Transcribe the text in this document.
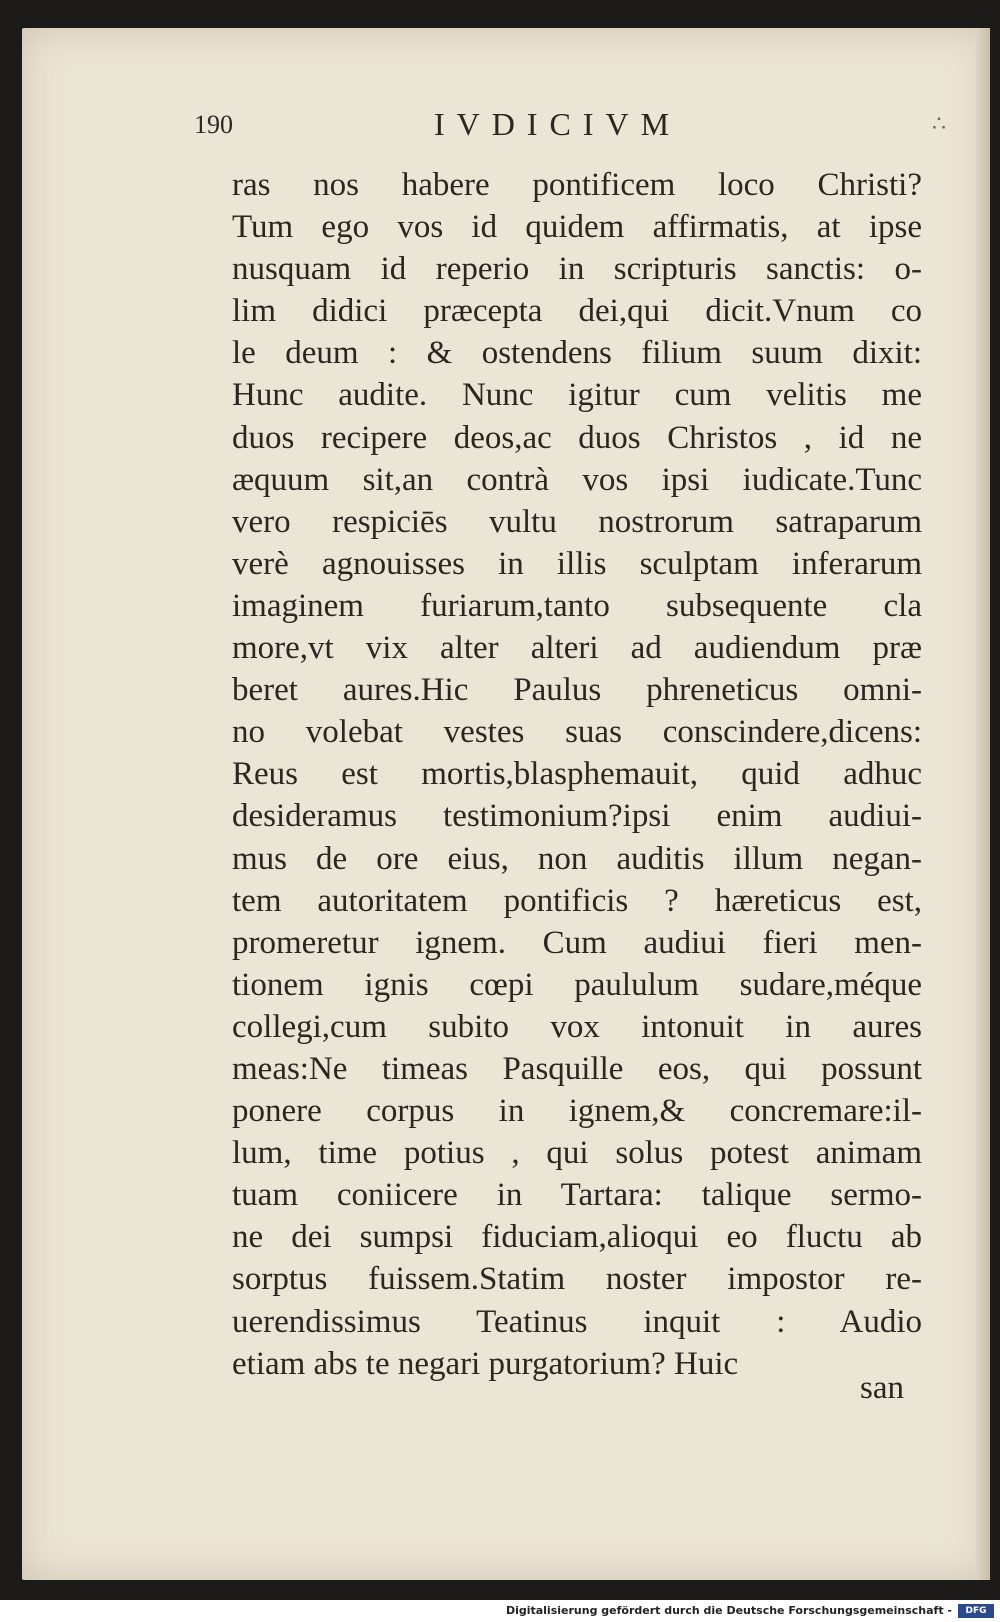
190	IVDICIVM	∴
ras nos habere pontificem loco Christi?
Tum ego vos id quidem affirmatis, at ipse
nusquam id reperio in scripturis sanctis: o-
lim didici præcepta dei,qui dicit.Vnum co
le deum : & ostendens filium suum dixit:
Hunc audite. Nunc igitur cum velitis me
duos recipere deos,ac duos Christos , id ne
æquum sit,an contrà vos ipsi iudicate.Tunc
vero respiciēs vultu nostrorum satraparum
verè agnouisses in illis sculptam inferarum
imaginem furiarum,tanto subsequente cla
more,vt vix alter alteri ad audiendum præ
beret aures.Hic Paulus phreneticus omni-
no volebat vestes suas conscindere,dicens:
Reus est mortis,blasphemauit, quid adhuc
desideramus testimonium?ipsi enim audiui-
mus de ore eius, non auditis illum negan-
tem autoritatem pontificis ? hæreticus est,
promeretur ignem. Cum audiui fieri men-
tionem ignis cœpi paululum sudare,méque
collegi,cum subito vox intonuit in aures
meas:Ne timeas Pasquille eos, qui possunt
ponere corpus in ignem,& concremare:il-
lum, time potius , qui solus potest animam
tuam coniicere in Tartara: talique sermo-
ne dei sumpsi fiduciam,alioqui eo fluctu ab
sorptus fuissem.Statim noster impostor re-
uerendissimus Teatinus inquit : Audio
etiam abs te negari purgatorium? Huic
san
Digitalisierung gefördert durch die Deutsche Forschungsgemeinschaft -	DFG
